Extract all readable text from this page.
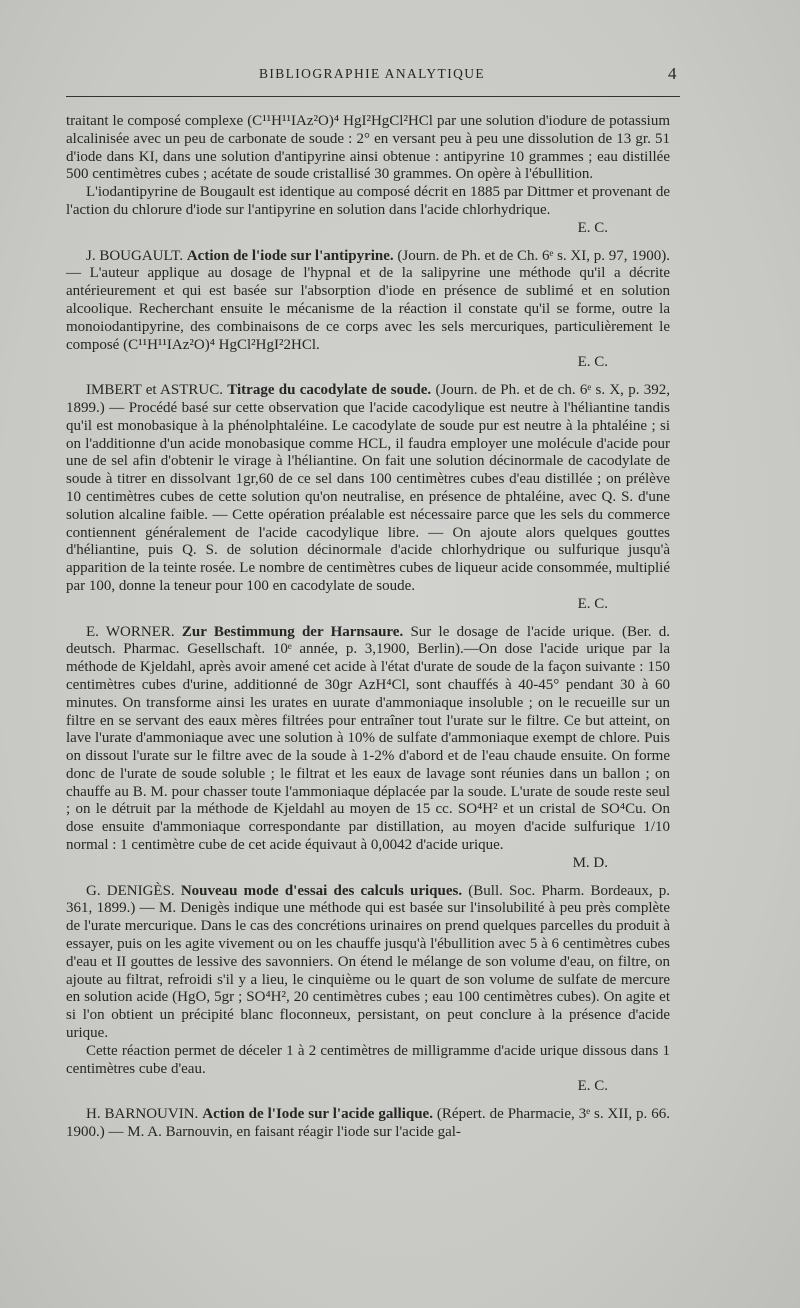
BIBLIOGRAPHIE ANALYTIQUE	4

traitant le composé complexe (C¹¹H¹¹IAz²O)⁴ HgI²HgCl²HCl par une solution d'iodure de potassium alcalinisée avec un peu de carbonate de soude : 2° en versant peu à peu une dissolution de 13 gr. 51 d'iode dans KI, dans une solution d'antipyrine ainsi obtenue : antipyrine 10 grammes ; eau distillée 500 centimètres cubes ; acétate de soude cristallisé 30 grammes. On opère à l'ébullition.

L'iodantipyrine de Bougault est identique au composé décrit en 1885 par Dittmer et provenant de l'action du chlorure d'iode sur l'antipyrine en solution dans l'acide chlorhydrique.

E. C.

J. BOUGAULT. Action de l'iode sur l'antipyrine. (Journ. de Ph. et de Ch. 6ᵉ s. XI, p. 97, 1900). — L'auteur applique au dosage de l'hypnal et de la salipyrine une méthode qu'il a décrite antérieurement et qui est basée sur l'absorption d'iode en présence de sublimé et en solution alcoolique. Recherchant ensuite le mécanisme de la réaction il constate qu'il se forme, outre la monoiodantipyrine, des combinaisons de ce corps avec les sels mercuriques, particulièrement le composé (C¹¹H¹¹IAz²O)⁴ HgCl²HgI²2HCl.

E. C.

IMBERT et ASTRUC. Titrage du cacodylate de soude. (Journ. de Ph. et de ch. 6ᵉ s. X, p. 392, 1899.) — Procédé basé sur cette observation que l'acide cacodylique est neutre à l'héliantine tandis qu'il est monobasique à la phénolphtaléine. Le cacodylate de soude pur est neutre à la phtaléine ; si on l'additionne d'un acide monobasique comme HCL, il faudra employer une molécule d'acide pour une de sel afin d'obtenir le virage à l'héliantine. On fait une solution décinormale de cacodylate de soude à titrer en dissolvant 1gr,60 de ce sel dans 100 centimètres cubes d'eau distillée ; on prélève 10 centimètres cubes de cette solution qu'on neutralise, en présence de phtaléine, avec Q. S. d'une solution alcaline faible. — Cette opération préalable est nécessaire parce que les sels du commerce contiennent généralement de l'acide cacodylique libre. — On ajoute alors quelques gouttes d'héliantine, puis Q. S. de solution décinormale d'acide chlorhydrique ou sulfurique jusqu'à apparition de la teinte rosée. Le nombre de centimètres cubes de liqueur acide consommée, multiplié par 100, donne la teneur pour 100 en cacodylate de soude.

E. C.

E. WORNER. Zur Bestimmung der Harnsaure. Sur le dosage de l'acide urique. (Ber. d. deutsch. Pharmac. Gesellschaft. 10ᵉ année, p. 3,1900, Berlin).—On dose l'acide urique par la méthode de Kjeldahl, après avoir amené cet acide à l'état d'urate de soude de la façon suivante : 150 centimètres cubes d'urine, additionné de 30gr AzH⁴Cl, sont chauffés à 40-45° pendant 30 à 60 minutes. On transforme ainsi les urates en uurate d'ammoniaque insoluble ; on le recueille sur un filtre en se servant des eaux mères filtrées pour entraîner tout l'urate sur le filtre. Ce but atteint, on lave l'urate d'ammoniaque avec une solution à 10% de sulfate d'ammoniaque exempt de chlore. Puis on dissout l'urate sur le filtre avec de la soude à 1-2% d'abord et de l'eau chaude ensuite. On forme donc de l'urate de soude soluble ; le filtrat et les eaux de lavage sont réunies dans un ballon ; on chauffe au B. M. pour chasser toute l'ammoniaque déplacée par la soude. L'urate de soude reste seul ; on le détruit par la méthode de Kjeldahl au moyen de 15 cc. SO⁴H² et un cristal de SO⁴Cu. On dose ensuite d'ammoniaque correspondante par distillation, au moyen d'acide sulfurique 1/10 normal : 1 centimètre cube de cet acide équivaut à 0,0042 d'acide urique.

M. D.

G. DENIGÈS. Nouveau mode d'essai des calculs uriques. (Bull. Soc. Pharm. Bordeaux, p. 361, 1899.) — M. Denigès indique une méthode qui est basée sur l'insolubilité à peu près complète de l'urate mercurique. Dans le cas des concrétions urinaires on prend quelques parcelles du produit à essayer, puis on les agite vivement ou on les chauffe jusqu'à l'ébullition avec 5 à 6 centimètres cubes d'eau et II gouttes de lessive des savonniers. On étend le mélange de son volume d'eau, on filtre, on ajoute au filtrat, refroidi s'il y a lieu, le cinquième ou le quart de son volume de sulfate de mercure en solution acide (HgO, 5gr ; SO⁴H², 20 centimètres cubes ; eau 100 centimètres cubes). On agite et si l'on obtient un précipité blanc floconneux, persistant, on peut conclure à la présence d'acide urique.

Cette réaction permet de déceler 1 à 2 centimètres de milligramme d'acide urique dissous dans 1 centimètres cube d'eau.

E. C.

H. BARNOUVIN. Action de l'Iode sur l'acide gallique. (Répert. de Pharmacie, 3ᵉ s. XII, p. 66. 1900.) — M. A. Barnouvin, en faisant réagir l'iode sur l'acide gal-
